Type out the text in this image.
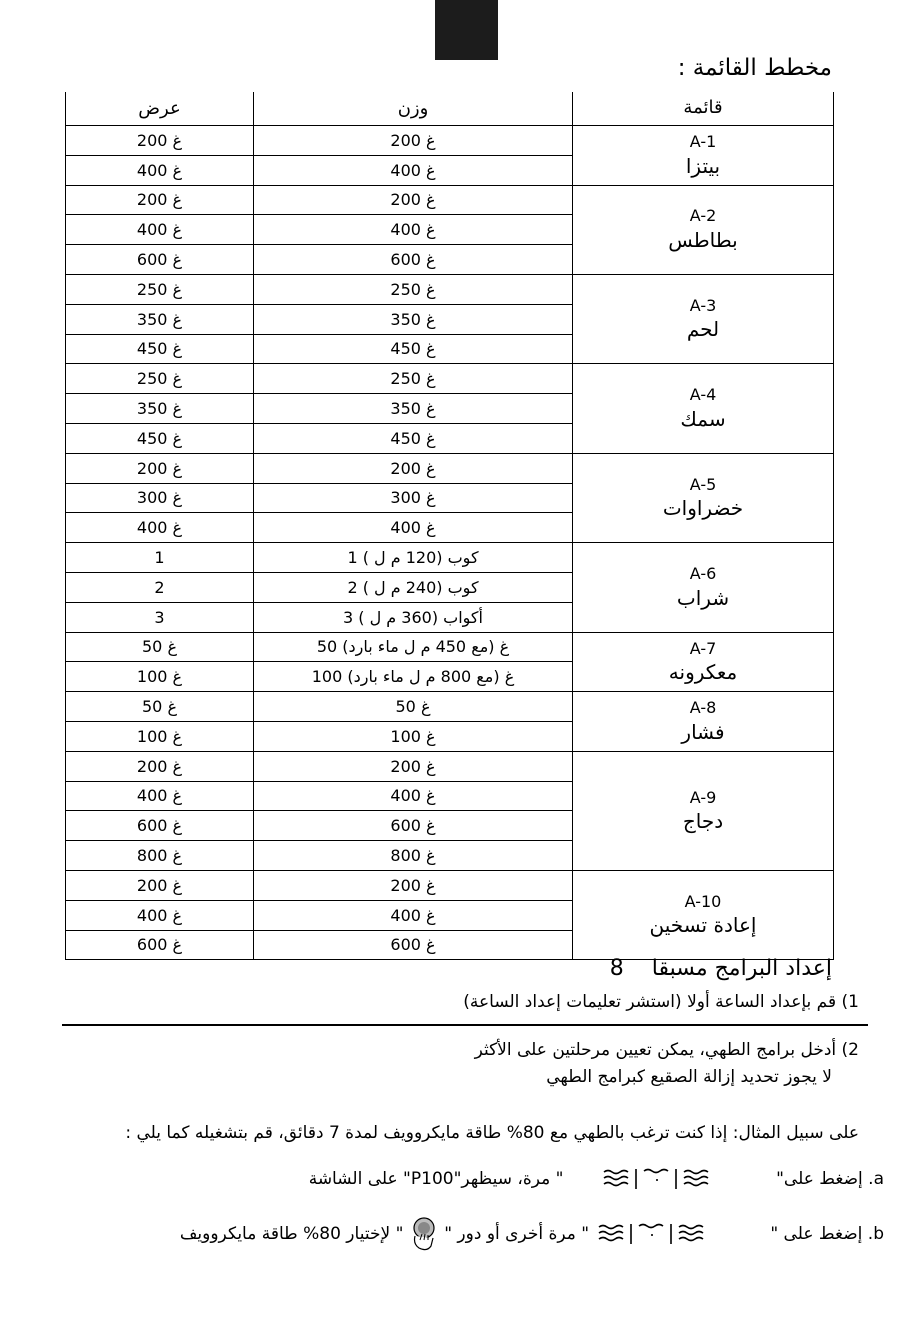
مخطط القائمة :
عرض	وزن	قائمة
200 غ	200 غ	A-1
بيتزا

400 غ	400 غ	
200 غ	200 غ	A-2
بطاطس

400 غ	400 غ	
600 غ	600 غ	
250 غ	250 غ	A-3
لحم

350 غ	350 غ	
450 غ	450 غ	
250 غ	250 غ	A-4
سمك

350 غ	350 غ	
450 غ	450 غ	
200 غ	200 غ	A-5
خضراوات

300 غ	300 غ	
400 غ	400 غ	
1	1 كوب (120 م ل )	A-6
شراب

2	2 كوب (240 م ل )	
3	3 أكواب (360 م ل )	
50 غ	50 غ (مع 450 م ل ماء بارد)	A-7
معكرونه

100 غ	100 غ (مع 800 م ل ماء بارد)	
50 غ	50 غ	A-8
فشار

100 غ	100 غ	
200 غ	200 غ	A-9
دجاج

400 غ	400 غ	
600 غ	600 غ	
800 غ	800 غ	
200 غ	200 غ	A-10
إعادة تسخين

400 غ	400 غ	
600 غ	600 غ	
إعداد البرامج مسبقا  8
1) قم بإعداد الساعة أولا (استشر تعليمات إعداد الساعة)
2) أدخل برامج الطهي، يمكن تعيين مرحلتين على الأكثر
لا يجوز تحديد إزالة الصقيع كبرامج الطهي
على سبيل المثال: إذا كنت ترغب بالطهي مع 80% طاقة مايكروويف لمدة 7 دقائق، قم بتشغيله كما يلي :
a. إضغط على"    " مرة، سيظهر"P100" على الشاشة
b. إضغط على "   " مرة أخرى أو دور "  " لإختيار 80% طاقة مايكروويف
